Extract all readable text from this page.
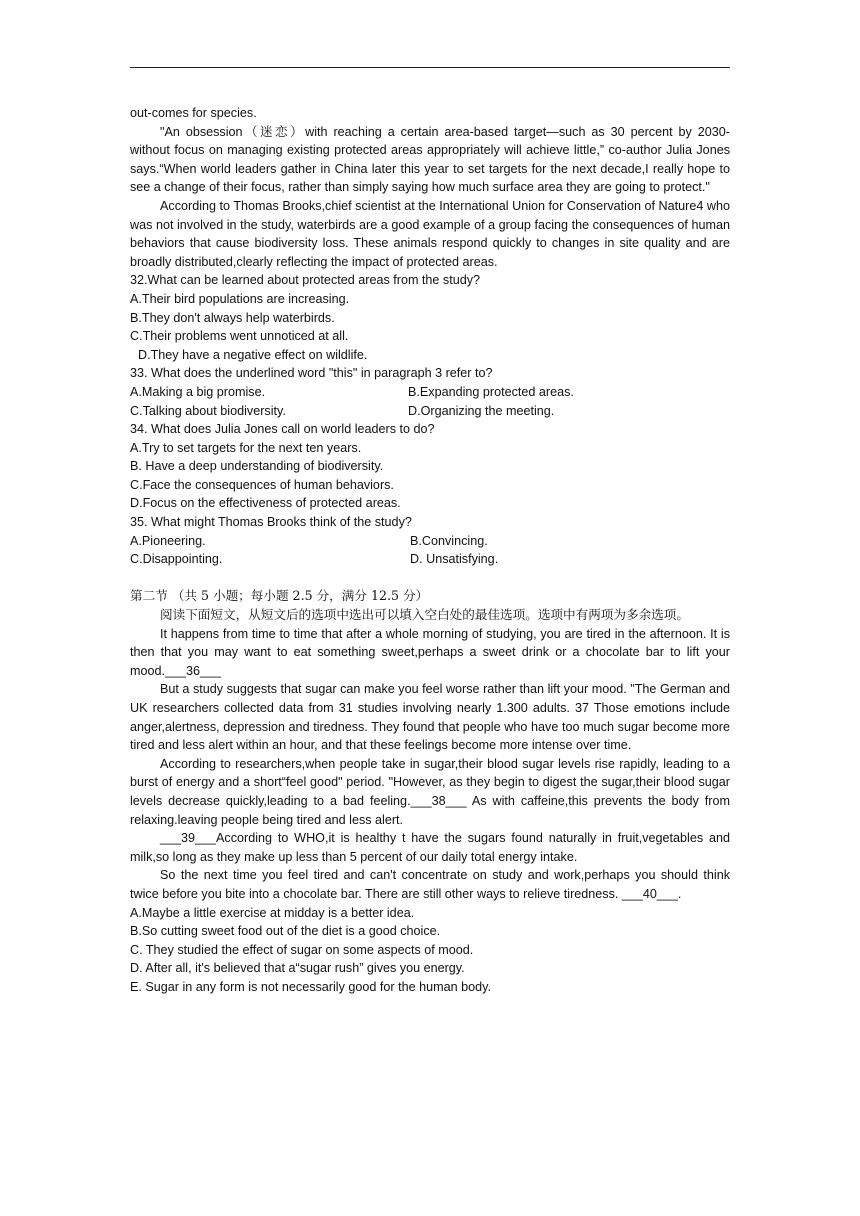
out-comes for species.

"An obsession（迷恋）with reaching a certain area-based target—such as 30 percent by 2030-without focus on managing existing protected areas appropriately will achieve little,” co-author Julia Jones says.“When world leaders gather in China later this year to set targets for the next decade,I really hope to see a change of their focus, rather than simply saying how much surface area they are going to protect."

According to Thomas Brooks,chief scientist at the International Union for Conservation of Nature4 who was not involved in the study, waterbirds are a good example of a group facing the consequences of human behaviors that cause biodiversity loss. These animals respond quickly to changes in site quality and are broadly distributed,clearly reflecting the impact of protected areas.

32.What can be learned about protected areas from the study?

A.Their bird populations are increasing.

B.They don't always help waterbirds.

C.Their problems went unnoticed at all.

D.They have a negative effect on wildlife.

33. What does the underlined word "this" in paragraph 3 refer to?

A.Making a big promise.	B.Expanding protected areas.
C.Talking about biodiversity.	D.Organizing the meeting.

34. What does Julia Jones call on world leaders to do?

A.Try to set targets for the next ten years.

B. Have a deep understanding of biodiversity.

C.Face the consequences of human behaviors.

D.Focus on the effectiveness of protected areas.

35. What might Thomas Brooks think of the study?

A.Pioneering.	B.Convincing.
C.Disappointing.	D. Unsatisfying.

第二节 （共 5 小题；每小题 2.5 分，满分 12.5 分）

阅读下面短文，从短文后的选项中选出可以填入空白处的最佳选项。选项中有两项为多余选项。

It happens from time to time that after a whole morning of studying, you are tired in the afternoon. It is then that you may want to eat something sweet,perhaps a sweet drink or a chocolate bar to lift your mood.___36___

But a study suggests that sugar can make you feel worse rather than lift your mood. "The German and UK researchers collected data from 31 studies involving nearly 1.300 adults. 37 Those emotions include anger,alertness, depression and tiredness. They found that people who have too much sugar become more tired and less alert within an hour, and that these feelings become more intense over time.

According to researchers,when people take in sugar,their blood sugar levels rise rapidly, leading to a burst of energy and a short“feel good" period. "However, as they begin to digest the sugar,their blood sugar levels decrease quickly,leading to a bad feeling.___38___ As with caffeine,this prevents the body from relaxing.leaving people being tired and less alert.

___39___According to WHO,it is healthy t have the sugars found naturally in fruit,vegetables and milk,so long as they make up less than 5 percent of our daily total energy intake.

So the next time you feel tired and can't concentrate on study and work,perhaps you should think twice before you bite into a chocolate bar. There are still other ways to relieve tiredness. ___40___.

A.Maybe a little exercise at midday is a better idea.

B.So cutting sweet food out of the diet is a good choice.

C. They studied the effect of sugar on some aspects of mood.

D. After all, it's believed that a“sugar rush” gives you energy.

E. Sugar in any form is not necessarily good for the human body.
